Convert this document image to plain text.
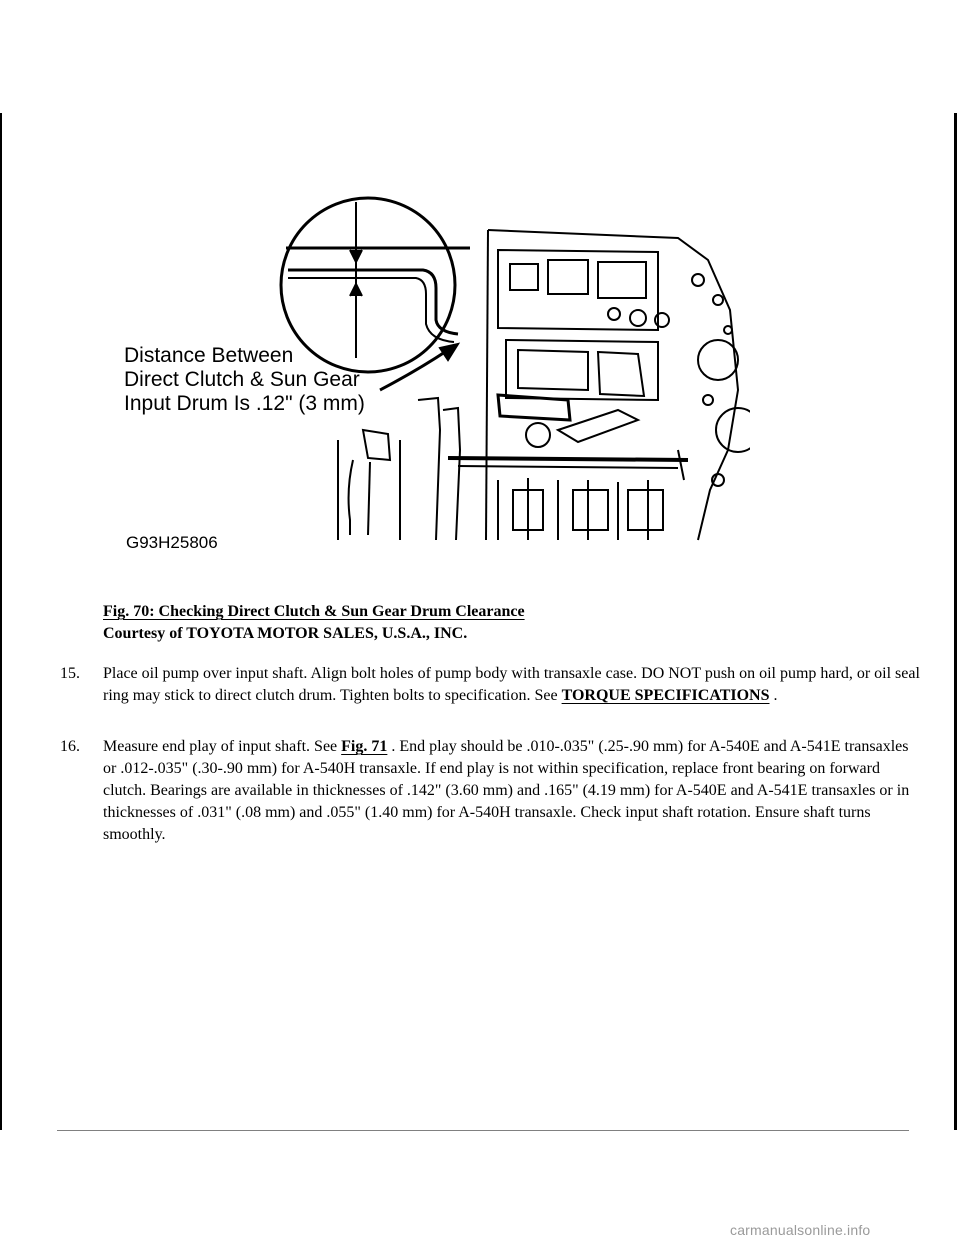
Distance Between
Direct Clutch & Sun Gear
Input Drum Is .12" (3 mm)
G93H25806
Fig. 70: Checking Direct Clutch & Sun Gear Drum Clearance
Courtesy of TOYOTA MOTOR SALES, U.S.A., INC.
15. Place oil pump over input shaft. Align bolt holes of pump body with transaxle case. DO NOT push on oil pump hard, or oil seal ring may stick to direct clutch drum. Tighten bolts to specification. See TORQUE SPECIFICATIONS .
16. Measure end play of input shaft. See Fig. 71 . End play should be .010-.035" (.25-.90 mm) for A-540E and A-541E transaxles or .012-.035" (.30-.90 mm) for A-540H transaxle. If end play is not within specification, replace front bearing on forward clutch. Bearings are available in thicknesses of .142" (3.60 mm) and .165" (4.19 mm) for A-540E and A-541E transaxles or in thicknesses of .031" (.08 mm) and .055" (1.40 mm) for A-540H transaxle. Check input shaft rotation. Ensure shaft turns smoothly.
carmanualsonline.info
